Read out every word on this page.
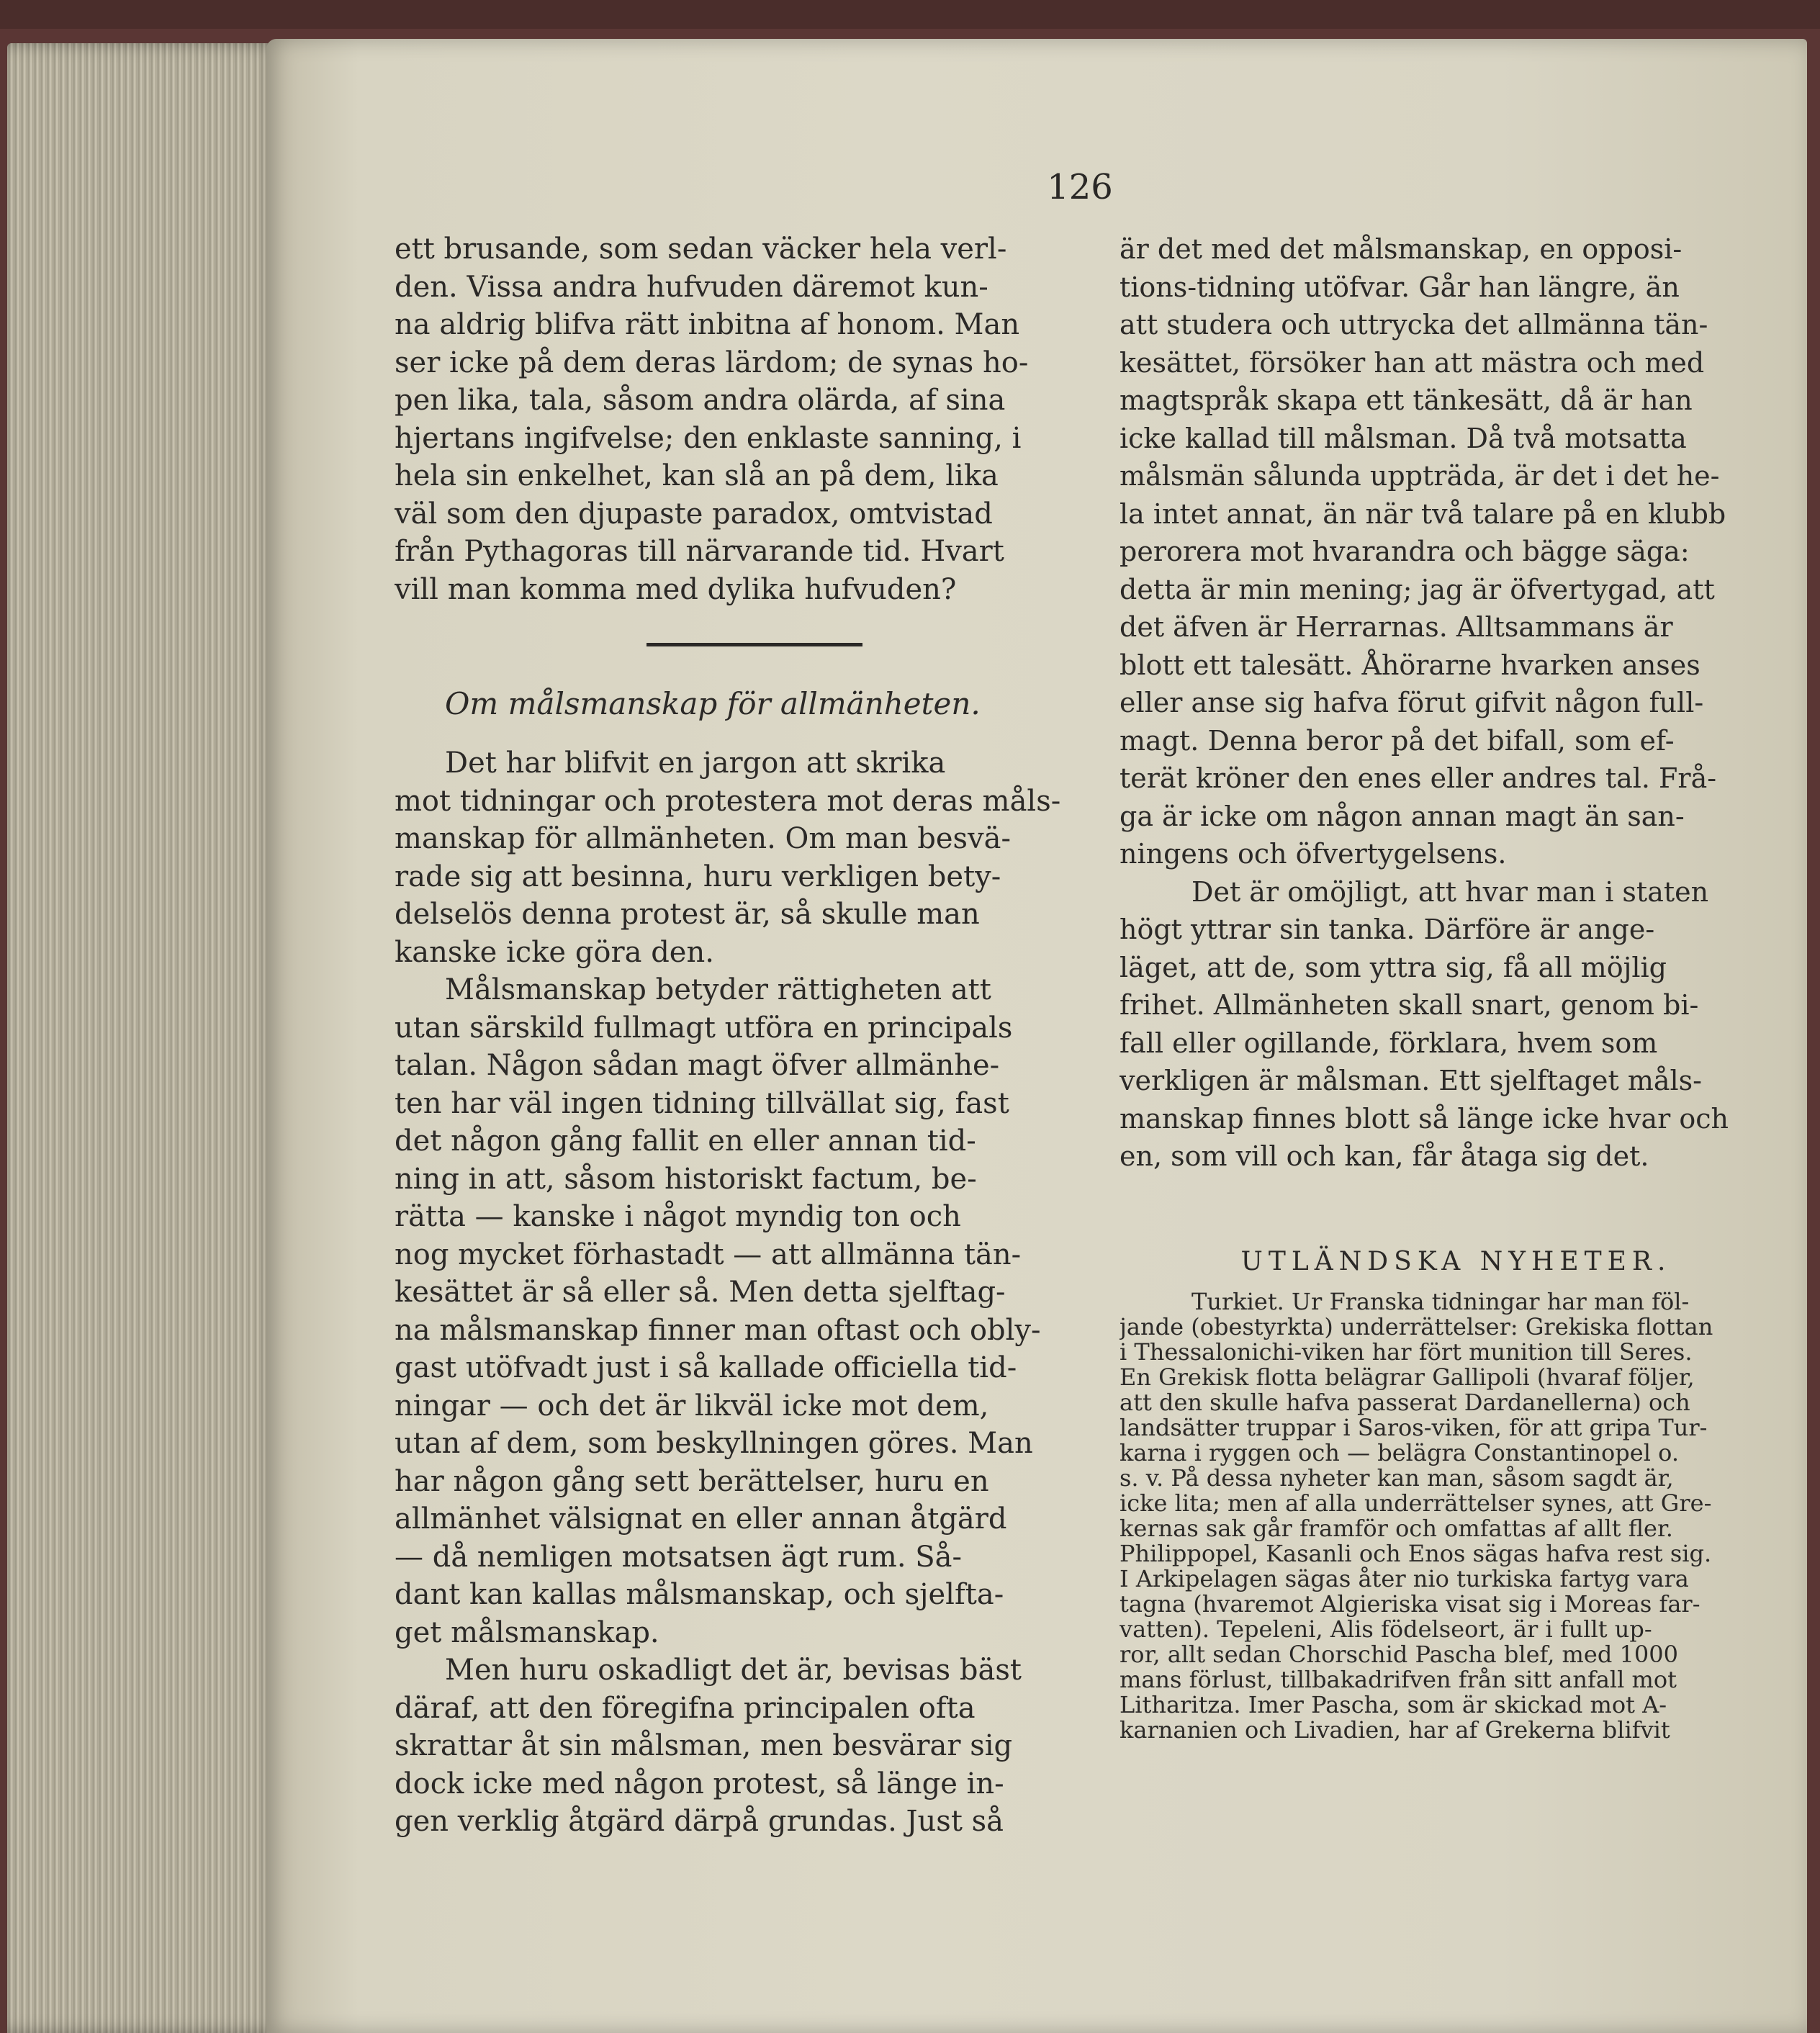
126
ett brusande, som sedan väcker hela verl-
den. Vissa andra hufvuden däremot kun-
na aldrig blifva rätt inbitna af honom. Man
ser icke på dem deras lärdom; de synas ho-
pen lika, tala, såsom andra olärda, af sina
hjertans ingifvelse; den enklaste sanning, i
hela sin enkelhet, kan slå an på dem, lika
väl som den djupaste paradox, omtvistad
från Pythagoras till närvarande tid. Hvart
vill man komma med dylika hufvuden?
Om målsmanskap för allmänheten.
Det har blifvit en jargon att skrika
mot tidningar och protestera mot deras måls-
manskap för allmänheten. Om man besvä-
rade sig att besinna, huru verkligen bety-
delselös denna protest är, så skulle man
kanske icke göra den.
Målsmanskap betyder rättigheten att
utan särskild fullmagt utföra en principals
talan. Någon sådan magt öfver allmänhe-
ten har väl ingen tidning tillvällat sig, fast
det någon gång fallit en eller annan tid-
ning in att, såsom historiskt factum, be-
rätta — kanske i något myndig ton och
nog mycket förhastadt — att allmänna tän-
kesättet är så eller så. Men detta sjelftag-
na målsmanskap finner man oftast och obly-
gast utöfvadt just i så kallade officiella tid-
ningar — och det är likväl icke mot dem,
utan af dem, som beskyllningen göres. Man
har någon gång sett berättelser, huru en
allmänhet välsignat en eller annan åtgärd
— då nemligen motsatsen ägt rum. Så-
dant kan kallas målsmanskap, och sjelfta-
get målsmanskap.
Men huru oskadligt det är, bevisas bäst
däraf, att den föregifna principalen ofta
skrattar åt sin målsman, men besvärar sig
dock icke med någon protest, så länge in-
gen verklig åtgärd därpå grundas. Just så
är det med det målsmanskap, en opposi-
tions-tidning utöfvar. Går han längre, än
att studera och uttrycka det allmänna tän-
kesättet, försöker han att mästra och med
magtspråk skapa ett tänkesätt, då är han
icke kallad till målsman. Då två motsatta
målsmän sålunda uppträda, är det i det he-
la intet annat, än när två talare på en klubb
perorera mot hvarandra och bägge säga:
detta är min mening; jag är öfvertygad, att
det äfven är Herrarnas. Alltsammans är
blott ett talesätt. Åhörarne hvarken anses
eller anse sig hafva förut gifvit någon full-
magt. Denna beror på det bifall, som ef-
terät kröner den enes eller andres tal. Frå-
ga är icke om någon annan magt än san-
ningens och öfvertygelsens.
Det är omöjligt, att hvar man i staten
högt yttrar sin tanka. Därföre är ange-
läget, att de, som yttra sig, få all möjlig
frihet. Allmänheten skall snart, genom bi-
fall eller ogillande, förklara, hvem som
verkligen är målsman. Ett sjelftaget måls-
manskap finnes blott så länge icke hvar och
en, som vill och kan, får åtaga sig det.
UTLÄNDSKA NYHETER.
Turkiet. Ur Franska tidningar har man föl-
jande (obestyrkta) underrättelser: Grekiska flottan
i Thessalonichi-viken har fört munition till Seres.
En Grekisk flotta belägrar Gallipoli (hvaraf följer,
att den skulle hafva passerat Dardanellerna) och
landsätter truppar i Saros-viken, för att gripa Tur-
karna i ryggen och — belägra Constantinopel o.
s. v. På dessa nyheter kan man, såsom sagdt är,
icke lita; men af alla underrättelser synes, att Gre-
kernas sak går framför och omfattas af allt fler.
Philippopel, Kasanli och Enos sägas hafva rest sig.
I Arkipelagen sägas åter nio turkiska fartyg vara
tagna (hvaremot Algieriska visat sig i Moreas far-
vatten). Tepeleni, Alis födelseort, är i fullt up-
ror, allt sedan Chorschid Pascha blef, med 1000
mans förlust, tillbakadrifven från sitt anfall mot
Litharitza. Imer Pascha, som är skickad mot A-
karnanien och Livadien, har af Grekerna blifvit
